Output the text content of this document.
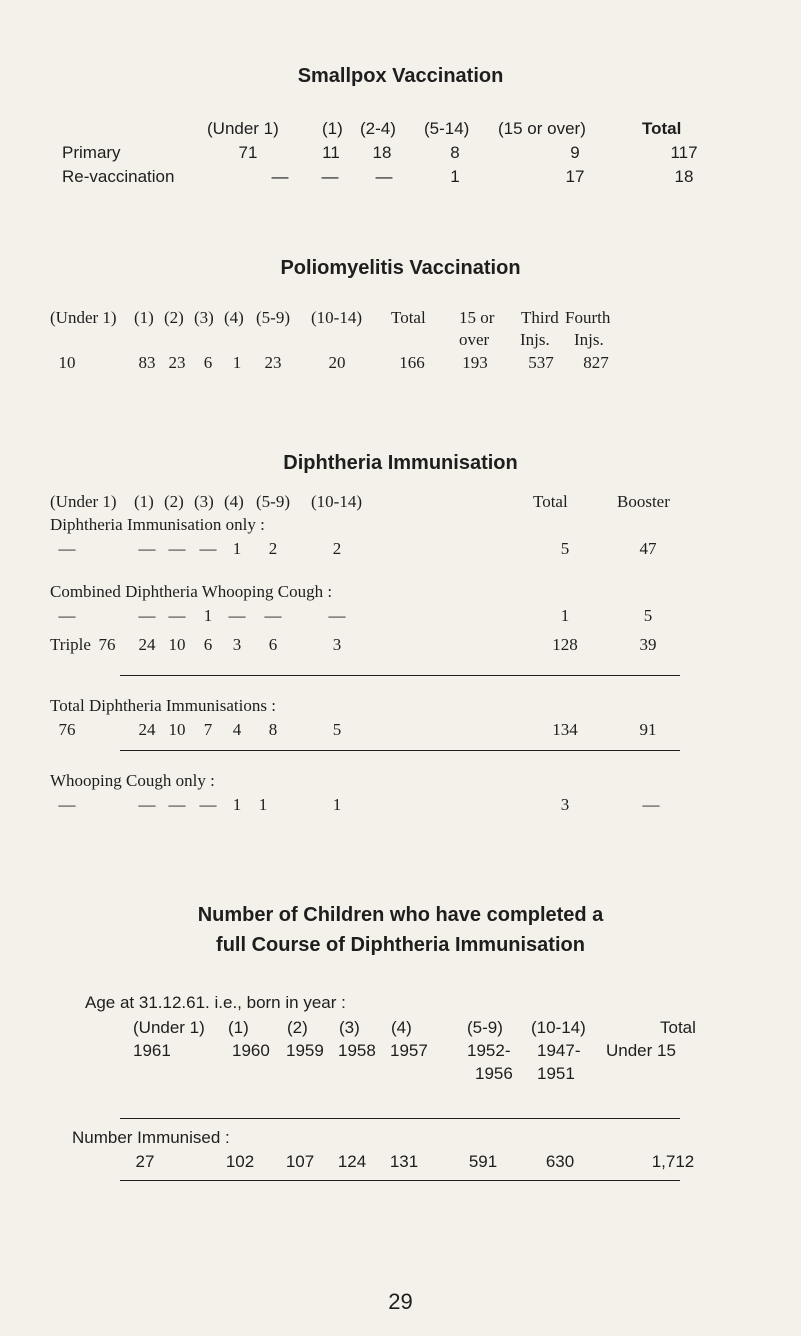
Smallpox Vaccination
(Under 1)	(1) (2-4) (5-14) (15 or over)	Total
Primary	71	11	18	8	9	117
Re-vaccination	—	—	—	1	17	18
Poliomyelitis Vaccination
(Under 1) (1) (2) (3) (4) (5-9) (10-14) Total 15 or Third Fourth
over Injs. Injs.
10	83 23	6	1	23	20	166	193	537	827
Diphtheria Immunisation
(Under 1) (1) (2) (3) (4) (5-9) (10-14)	Total	Booster
Diphtheria Immunisation only :
—	— — — 1	2	2	5	47
Combined Diphtheria Whooping Cough :
—	— —	1 —	—	—	1	5
Triple 76	24 10	6	3	6	3	128	39
Total Diphtheria Immunisations :
76	24 10	7	4	8	5	134	91
Whooping Cough only :
—	— — — 1	1	1	3	—
Number of Children who have completed a
full Course of Diphtheria Immunisation
Age at 31.12.61. i.e., born in year :
(Under 1) (1) (2) (3) (4)	(5-9) (10-14)	Total
1961	1960 1959 1958 1957 1952- 1947- Under 15
1956 1951
Number Immunised :
27	102	107	124	131	591	630	1,712
29
